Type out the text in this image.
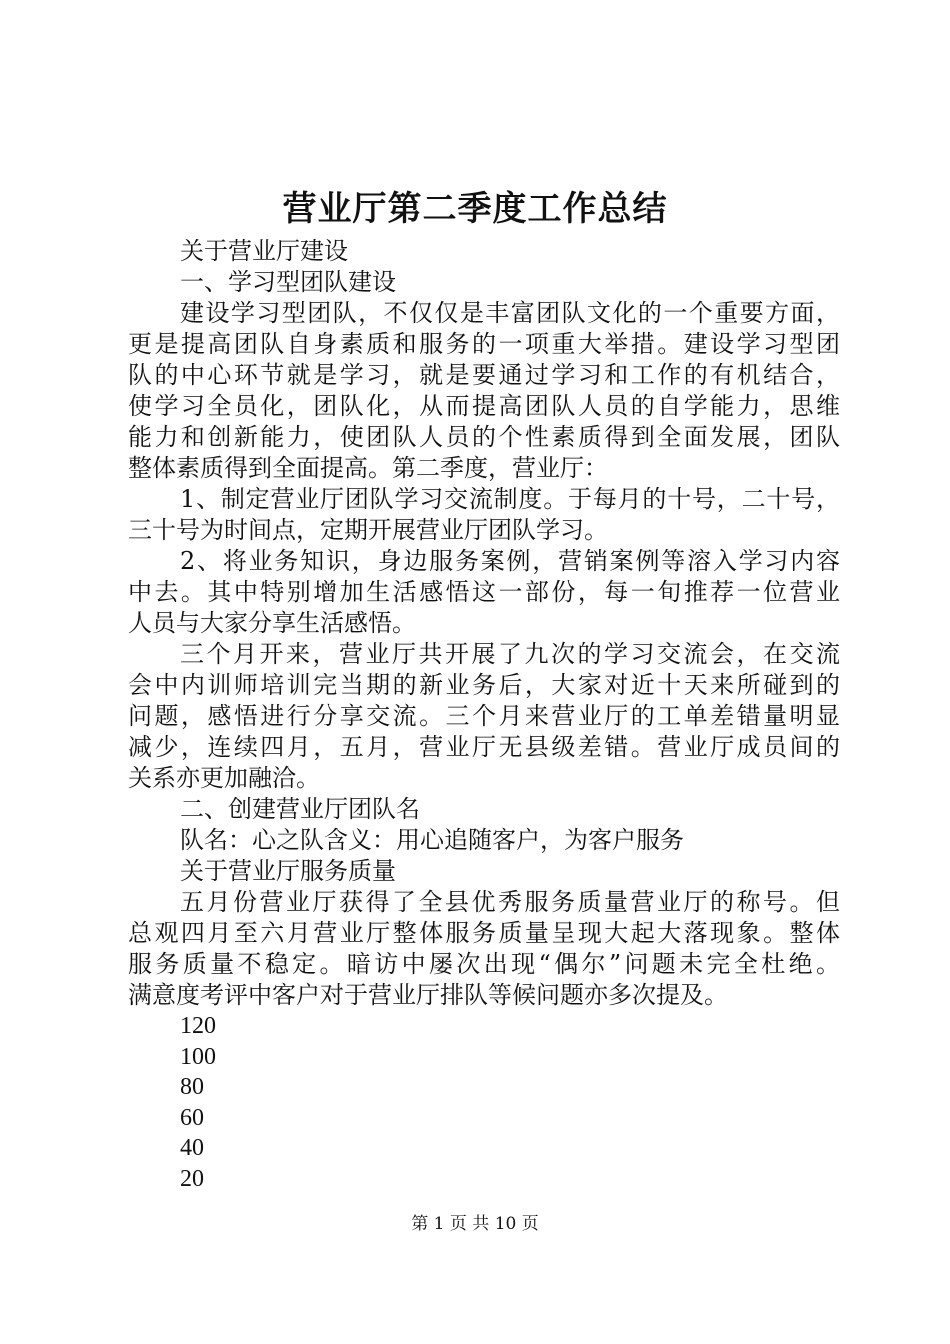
营业厅第二季度工作总结
关于营业厅建设
一、学习型团队建设
建设学习型团队，不仅仅是丰富团队文化的一个重要方面，
更是提高团队自身素质和服务的一项重大举措。建设学习型团
队的中心环节就是学习，就是要通过学习和工作的有机结合，
使学习全员化，团队化，从而提高团队人员的自学能力，思维
能力和创新能力，使团队人员的个性素质得到全面发展，团队
整体素质得到全面提高。第二季度，营业厅：
1、制定营业厅团队学习交流制度。于每月的十号，二十号，
三十号为时间点，定期开展营业厅团队学习。
2、将业务知识，身边服务案例，营销案例等溶入学习内容
中去。其中特别增加生活感悟这一部份，每一旬推荐一位营业
人员与大家分享生活感悟。
三个月开来，营业厅共开展了九次的学习交流会，在交流
会中内训师培训完当期的新业务后，大家对近十天来所碰到的
问题，感悟进行分享交流。三个月来营业厅的工单差错量明显
减少，连续四月，五月，营业厅无县级差错。营业厅成员间的
关系亦更加融洽。
二、创建营业厅团队名
队名：心之队含义：用心追随客户，为客户服务
关于营业厅服务质量
五月份营业厅获得了全县优秀服务质量营业厅的称号。但
总观四月至六月营业厅整体服务质量呈现大起大落现象。整体
服务质量不稳定。暗访中屡次出现“偶尔”问题未完全杜绝。
满意度考评中客户对于营业厅排队等候问题亦多次提及。
120
100
80
60
40
20
第 1 页 共 10 页
